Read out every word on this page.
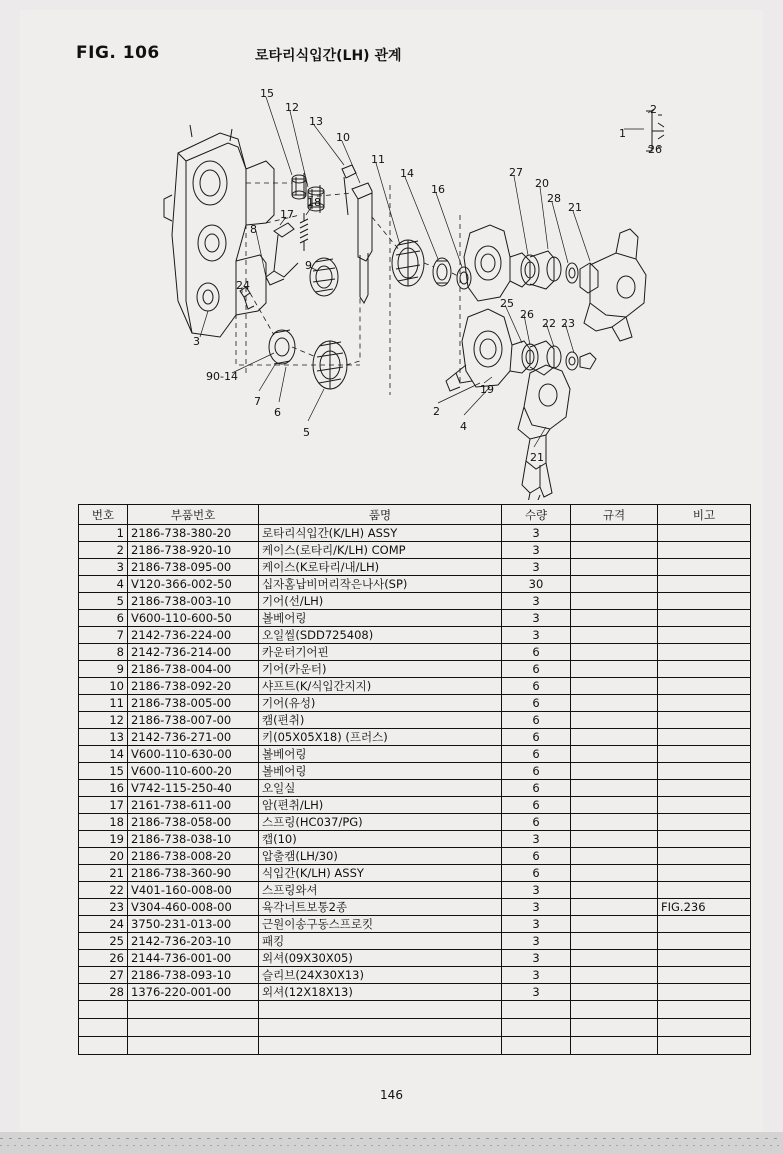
FIG. 106	로타리식입간(LH) 관계
15
12
13
10
11
14
16
27
20
28
21
1
2
26
18
17
8
9
24
3
90-14
7
6
5
2
4
19
25
26
22 23
21
번호	부품번호	품명	수량	규격	비고
1	2186-738-380-20	로타리식입간(K/LH) ASSY	3		
2	2186-738-920-10	케이스(로타리/K/LH) COMP	3		
3	2186-738-095-00	케이스(K로타리/내/LH)	3		
4	V120-366-002-50	십자홈납비머리작은나사(SP)	30		
5	2186-738-003-10	기어(선/LH)	3		
6	V600-110-600-50	볼베어링	3		
7	2142-736-224-00	오일씰(SDD725408)	3		
8	2142-736-214-00	카운터기어핀	6		
9	2186-738-004-00	기어(카운터)	6		
10	2186-738-092-20	샤프트(K/식입간지지)	6		
11	2186-738-005-00	기어(유성)	6		
12	2186-738-007-00	캠(편취)	6		
13	2142-736-271-00	키(05X05X18) (프러스)	6		
14	V600-110-630-00	볼베어링	6		
15	V600-110-600-20	볼베어링	6		
16	V742-115-250-40	오일실	6		
17	2161-738-611-00	암(편취/LH)	6		
18	2186-738-058-00	스프링(HC037/PG)	6		
19	2186-738-038-10	캡(10)	3		
20	2186-738-008-20	압출캠(LH/30)	6		
21	2186-738-360-90	식입간(K/LH) ASSY	6		
22	V401-160-008-00	스프링와셔	3		
23	V304-460-008-00	육각너트보통2종	3		FIG.236
24	3750-231-013-00	근원이송구동스프로킷	3		
25	2142-736-203-10	패킹	3		
26	2144-736-001-00	외셔(09X30X05)	3		
27	2186-738-093-10	슬리브(24X30X13)	3		
28	1376-220-001-00	외셔(12X18X13)	3		

146
